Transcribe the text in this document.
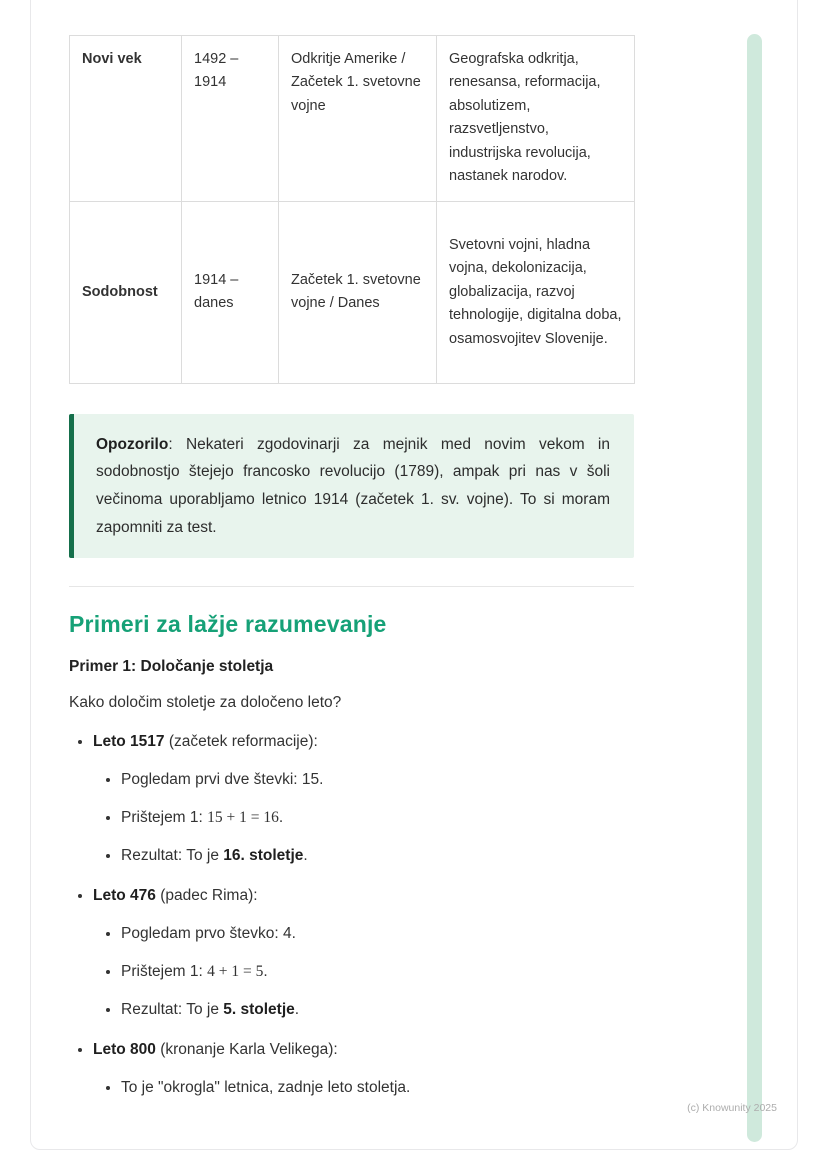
Novi vek	1492 – 1914	Odkritje Amerike / Začetek 1. svetovne vojne	Geografska odkritja, renesansa, reformacija, absolutizem, razsvetljenstvo, industrijska revolucija, nastanek narodov.
Sodobnost	1914 – danes	Začetek 1. svetovne vojne / Danes	Svetovni vojni, hladna vojna, dekolonizacija, globalizacija, razvoj tehnologije, digitalna doba, osamosvojitev Slovenije.

Opozorilo: Nekateri zgodovinarji za mejnik med novim vekom in sodobnostjo štejejo francosko revolucijo (1789), ampak pri nas v šoli večinoma uporabljamo letnico 1914 (začetek 1. sv. vojne). To si moram zapomniti za test.

Primeri za lažje razumevanje

Primer 1: Določanje stoletja

Kako določim stoletje za določeno leto?

• Leto 1517 (začetek reformacije):
• Pogledam prvi dve števki: 15.
• Prištejem 1: 15 + 1 = 16.
• Rezultat: To je 16. stoletje.
• Leto 476 (padec Rima):
• Pogledam prvo števko: 4.
• Prištejem 1: 4 + 1 = 5.
• Rezultat: To je 5. stoletje.
• Leto 800 (kronanje Karla Velikega):
• To je "okrogla" letnica, zadnje leto stoletja.
(c) Knowunity 2025
